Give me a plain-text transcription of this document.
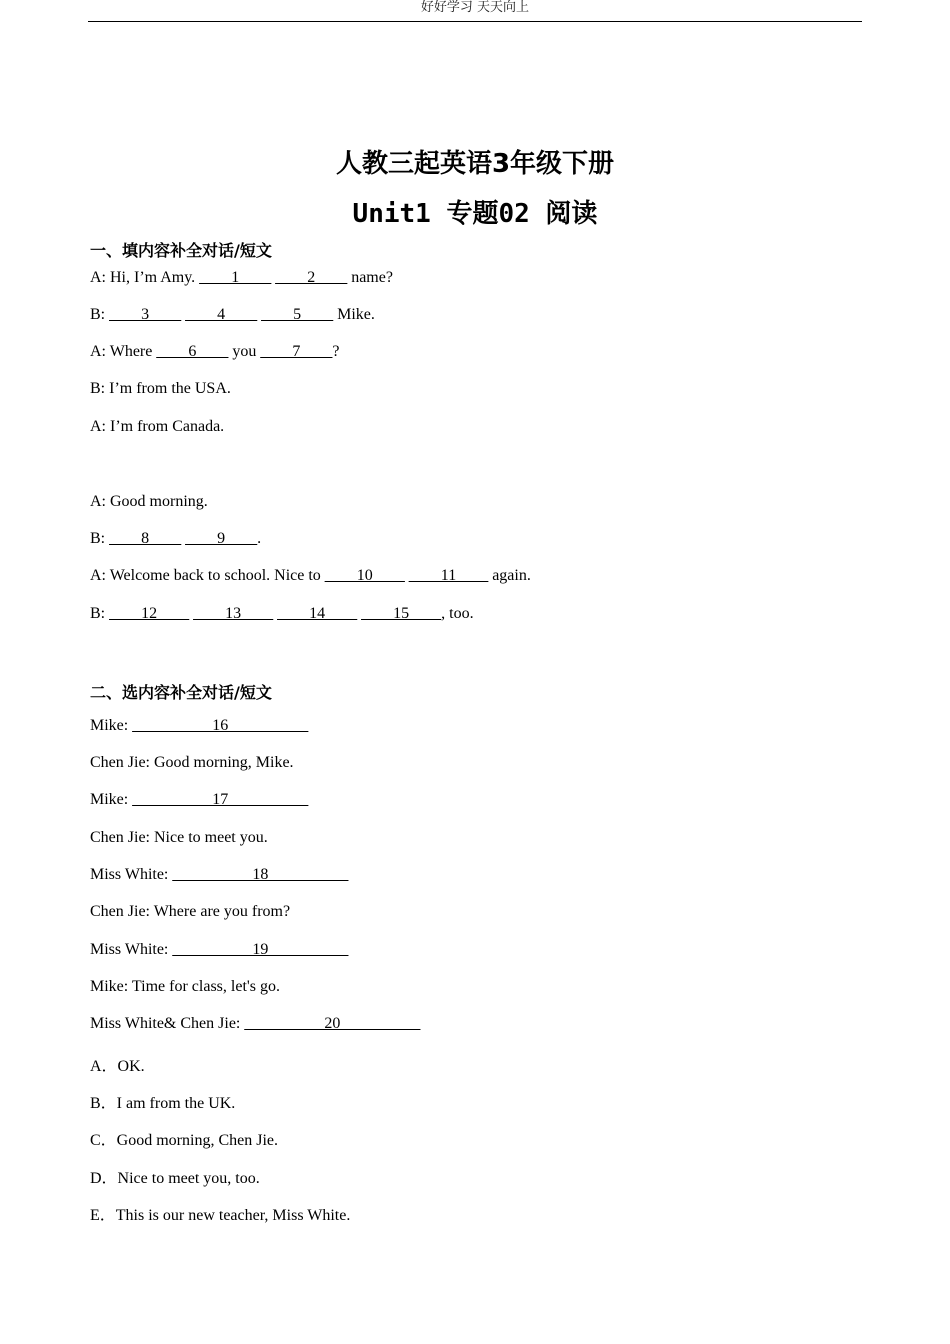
好好学习 天天向上
人教三起英语3年级下册
Unit1 专题02 阅读
一、填内容补全对话/短文
A: Hi, I’m Amy. ____1____ ____2____ name?
B: ____3____ ____4____ ____5____ Mike.
A: Where ____6____ you ____7____?
B: I’m from the USA.
A: I’m from Canada.
A: Good morning.
B: ____8____ ____9____.
A: Welcome back to school. Nice to ____10____ ____11____ again.
B: ____12____ ____13____ ____14____ ____15____, too.
二、选内容补全对话/短文
Mike: __________16__________
Chen Jie: Good morning, Mike.
Mike: __________17__________
Chen Jie: Nice to meet you.
Miss White: __________18__________
Chen Jie: Where are you from?
Miss White: __________19__________
Mike: Time for class, let's go.
Miss White& Chen Jie: __________20__________
A．OK.
B．I am from the UK.
C．Good morning, Chen Jie.
D．Nice to meet you, too.
E．This is our new teacher, Miss White.
